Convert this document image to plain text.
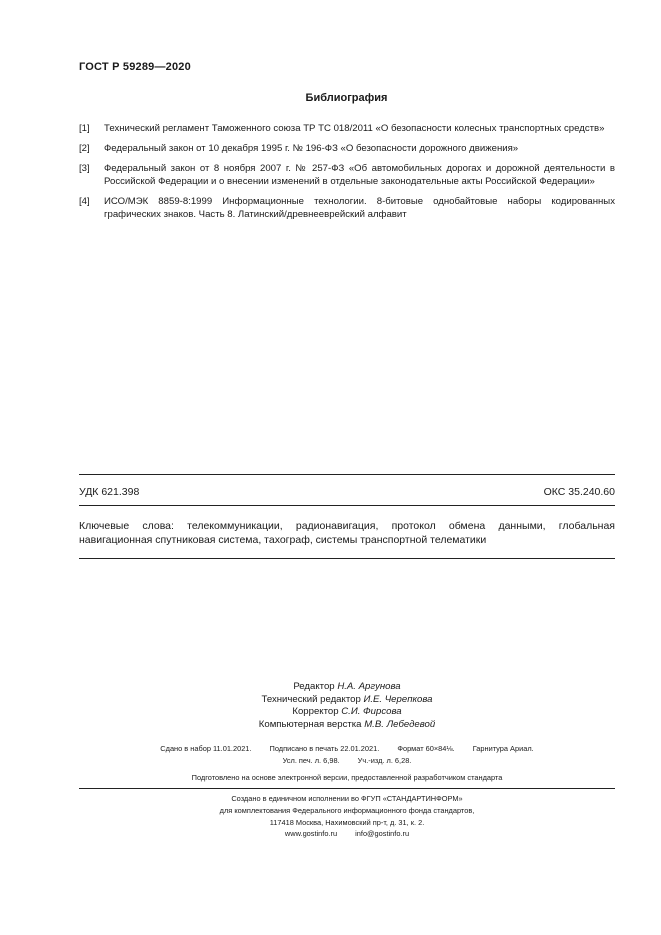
ГОСТ Р 59289—2020
Библиография
[1] Технический регламент Таможенного союза ТР ТС 018/2011 «О безопасности колесных транспортных средств»
[2] Федеральный закон от 10 декабря 1995 г. № 196-ФЗ «О безопасности дорожного движения»
[3] Федеральный закон от 8 ноября 2007 г. № 257-ФЗ «Об автомобильных дорогах и дорожной деятельности в Российской Федерации и о внесении изменений в отдельные законодательные акты Российской Федерации»
[4] ИСО/МЭК 8859-8:1999 Информационные технологии. 8-битовые однобайтовые наборы кодированных графических знаков. Часть 8. Латинский/древнееврейский алфавит
УДК 621.398	ОКС 35.240.60
Ключевые слова: телекоммуникации, радионавигация, протокол обмена данными, глобальная навигационная спутниковая система, тахограф, системы транспортной телематики
Редактор Н.А. Аргунова
Технический редактор И.Е. Черепкова
Корректор С.И. Фирсова
Компьютерная верстка М.В. Лебедевой
Сдано в набор 11.01.2021. Подписано в печать 22.01.2021. Формат 60×84⅛. Гарнитура Ариал.
Усл. печ. л. 6,98. Уч.-изд. л. 6,28.
Подготовлено на основе электронной версии, предоставленной разработчиком стандарта
Создано в единичном исполнении во ФГУП «СТАНДАРТИНФОРМ»
для комплектования Федерального информационного фонда стандартов,
117418 Москва, Нахимовский пр-т, д. 31, к. 2.
www.gostinfo.ru info@gostinfo.ru
